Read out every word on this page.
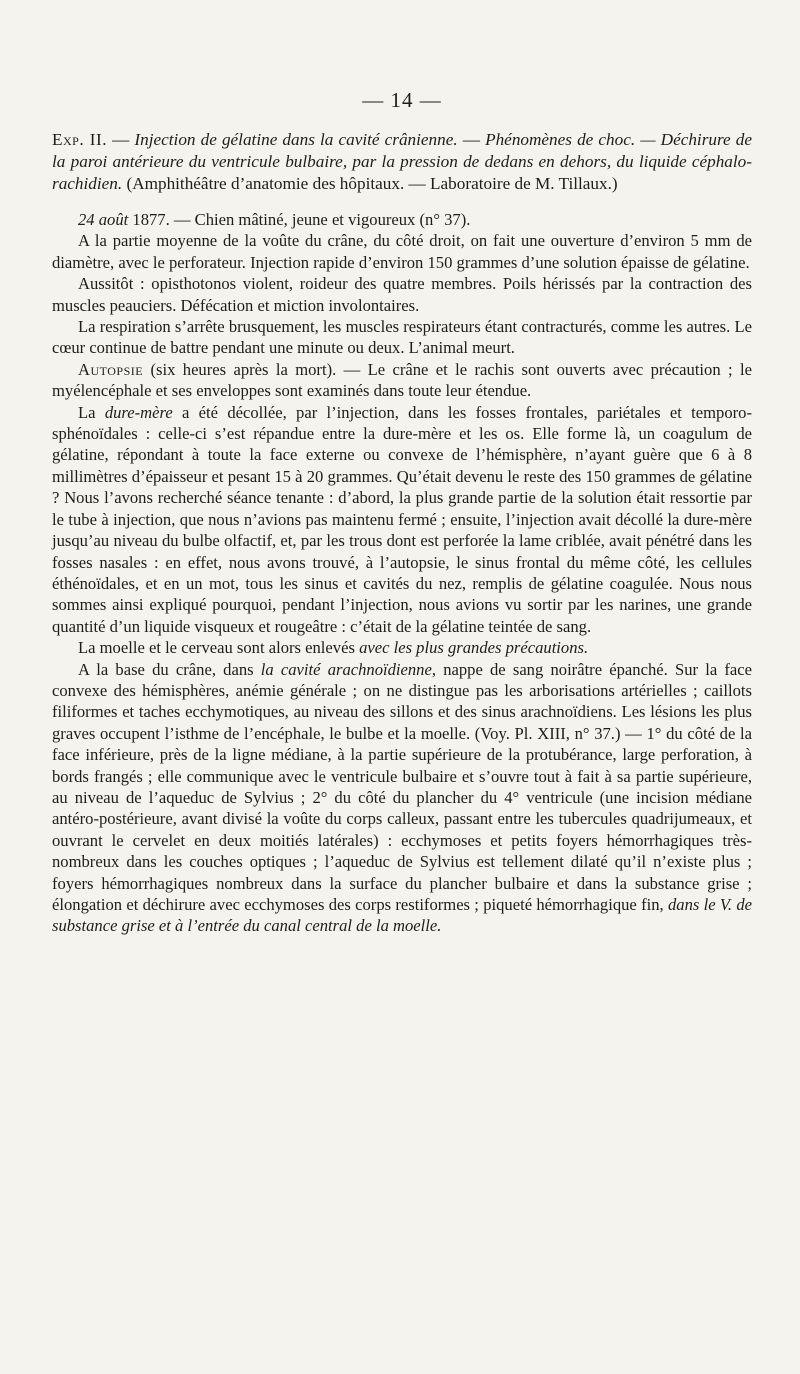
— 14 —

Exp. II. — Injection de gélatine dans la cavité crânienne. — Phénomènes de choc. — Déchirure de la paroi antérieure du ventricule bulbaire, par la pression de dedans en dehors, du liquide céphalo-rachidien. (Amphithéâtre d’anatomie des hôpitaux. — Laboratoire de M. Tillaux.)

24 août 1877. — Chien mâtiné, jeune et vigoureux (n° 37).

A la partie moyenne de la voûte du crâne, du côté droit, on fait une ouverture d’environ 5 mm de diamètre, avec le perforateur. Injection rapide d’environ 150 grammes d’une solution épaisse de gélatine.

Aussitôt : opisthotonos violent, roideur des quatre membres. Poils hérissés par la contraction des muscles peauciers. Défécation et miction involontaires.

La respiration s’arrête brusquement, les muscles respirateurs étant contracturés, comme les autres. Le cœur continue de battre pendant une minute ou deux. L’animal meurt.

Autopsie (six heures après la mort). — Le crâne et le rachis sont ouverts avec précaution ; le myélencéphale et ses enveloppes sont examinés dans toute leur étendue.

La dure-mère a été décollée, par l’injection, dans les fosses frontales, pariétales et temporo-sphénoïdales : celle-ci s’est répandue entre la dure-mère et les os. Elle forme là, un coagulum de gélatine, répondant à toute la face externe ou convexe de l’hémisphère, n’ayant guère que 6 à 8 millimètres d’épaisseur et pesant 15 à 20 grammes. Qu’était devenu le reste des 150 grammes de gélatine ? Nous l’avons recherché séance tenante : d’abord, la plus grande partie de la solution était ressortie par le tube à injection, que nous n’avions pas maintenu fermé ; ensuite, l’injection avait décollé la dure-mère jusqu’au niveau du bulbe olfactif, et, par les trous dont est perforée la lame criblée, avait pénétré dans les fosses nasales : en effet, nous avons trouvé, à l’autopsie, le sinus frontal du même côté, les cellules éthénoïdales, et en un mot, tous les sinus et cavités du nez, remplis de gélatine coagulée. Nous nous sommes ainsi expliqué pourquoi, pendant l’injection, nous avions vu sortir par les narines, une grande quantité d’un liquide visqueux et rougeâtre : c’était de la gélatine teintée de sang.

La moelle et le cerveau sont alors enlevés avec les plus grandes précautions.

A la base du crâne, dans la cavité arachnoïdienne, nappe de sang noirâtre épanché. Sur la face convexe des hémisphères, anémie générale ; on ne distingue pas les arborisations artérielles ; caillots filiformes et taches ecchymotiques, au niveau des sillons et des sinus arachnoïdiens. Les lésions les plus graves occupent l’isthme de l’encéphale, le bulbe et la moelle. (Voy. Pl. XIII, n° 37.) — 1° du côté de la face inférieure, près de la ligne médiane, à la partie supérieure de la protubérance, large perforation, à bords frangés ; elle communique avec le ventricule bulbaire et s’ouvre tout à fait à sa partie supérieure, au niveau de l’aqueduc de Sylvius ; 2° du côté du plancher du 4° ventricule (une incision médiane antéro-postérieure, avant divisé la voûte du corps calleux, passant entre les tubercules quadrijumeaux, et ouvrant le cervelet en deux moitiés latérales) : ecchymoses et petits foyers hémorrhagiques très-nombreux dans les couches optiques ; l’aqueduc de Sylvius est tellement dilaté qu’il n’existe plus ; foyers hémorrhagiques nombreux dans la surface du plancher bulbaire et dans la substance grise ; élongation et déchirure avec ecchymoses des corps restiformes ; piqueté hémorrhagique fin, dans le V. de substance grise et à l’entrée du canal central de la moelle.
